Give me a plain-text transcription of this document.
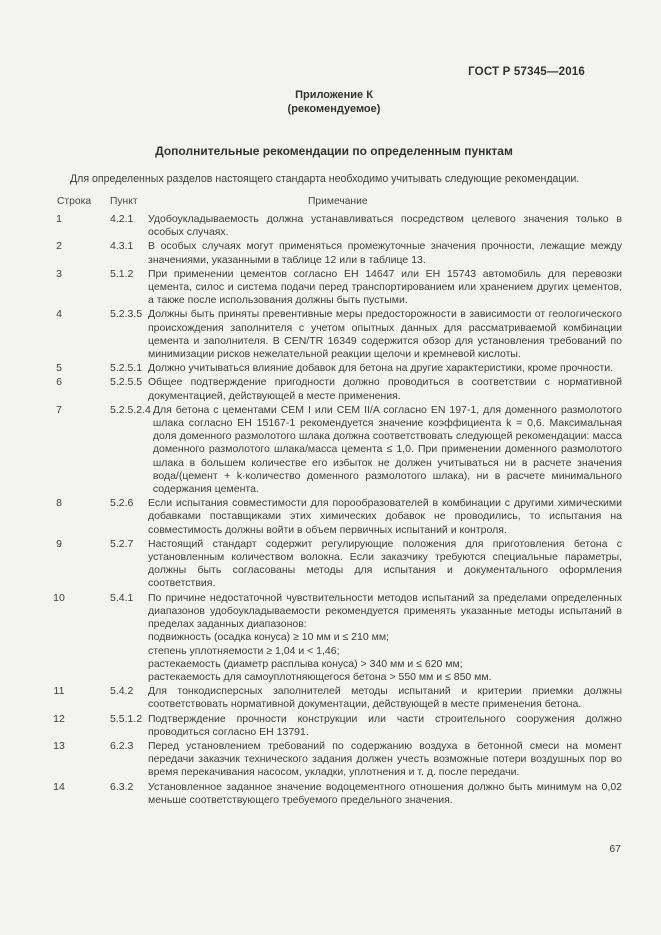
ГОСТ Р 57345—2016
Приложение К
(рекомендуемое)
Дополнительные рекомендации по определенным пунктам

Для определенных разделов настоящего стандарта необходимо учитывать следующие рекомендации.

Строка	Пункт	Примечание
1	4.2.1	Удобоукладываемость должна устанавливаться посредством целевого значения только в особых случаях.
2	4.3.1	В особых случаях могут применяться промежуточные значения прочности, лежащие между значениями, указанными в таблице 12 или в таблице 13.
3	5.1.2	При применении цементов согласно ЕН 14647 или ЕН 15743 автомобиль для перевозки цемента, силос и система подачи перед транспортированием или хранением других цементов, а также после использования должны быть пустыми.
4	5.2.3.5 Должны быть приняты превентивные меры предосторожности в зависимости от геологического происхождения заполнителя с учетом опытных данных для рассматриваемой комбинации цемента и заполнителя. В CEN/TR 16349 содержится обзор для установления требований по минимизации рисков нежелательной реакции щелочи и кремневой кислоты.
5	5.2.5.1 Должно учитываться влияние добавок для бетона на другие характеристики, кроме прочности.
6	5.2.5.5 Общее подтверждение пригодности должно проводиться в соответствии с нормативной документацией, действующей в месте применения.
7	5.2.5.2.4 Для бетона с цементами CEM I или CEM II/A согласно EN 197-1, для доменного размолотого шлака согласно ЕН 15167-1 рекомендуется значение коэффициента k = 0,6. Максимальная доля доменного размолотого шлака должна соответствовать следующей рекомендации: масса доменного размолотого шлака/масса цемента ≤ 1,0. При применении доменного размолотого шлака в большем количестве его избыток не должен учитываться ни в расчете значения вода/(цемент + k·количество доменного размолотого шлака), ни в расчете минимального содержания цемента.
8	5.2.6	Если испытания совместимости для порообразователей в комбинации с другими химическими добавками поставщиками этих химических добавок не проводились, то испытания на совместимость должны войти в объем первичных испытаний и контроля.
9	5.2.7	Настоящий стандарт содержит регулирующие положения для приготовления бетона с установленным количеством волокна. Если заказчику требуются специальные параметры, должны быть согласованы методы для испытания и документального оформления соответствия.
10	5.4.1	По причине недостаточной чувствительности методов испытаний за пределами определенных диапазонов удобоукладываемости рекомендуется применять указанные методы испытаний в пределах заданных диапазонов:
подвижность (осадка конуса) ≥ 10 мм и ≤ 210 мм;
степень уплотняемости ≥ 1,04 и < 1,46;
растекаемость (диаметр расплыва конуса) > 340 мм и ≤ 620 мм;
растекаемость для самоуплотняющегося бетона > 550 мм и ≤ 850 мм.
11	5.4.2	Для тонкодисперсных заполнителей методы испытаний и критерии приемки должны соответствовать нормативной документации, действующей в месте применения бетона.
12	5.5.1.2 Подтверждение прочности конструкции или части строительного сооружения должно проводиться согласно ЕН 13791.
13	6.2.3	Перед установлением требований по содержанию воздуха в бетонной смеси на момент передачи заказчик технического задания должен учесть возможные потери воздушных пор во время перекачивания насосом, укладки, уплотнения и т. д. после передачи.
14	6.3.2	Установленное заданное значение водоцементного отношения должно быть минимум на 0,02 меньше соответствующего требуемого предельного значения.
67
